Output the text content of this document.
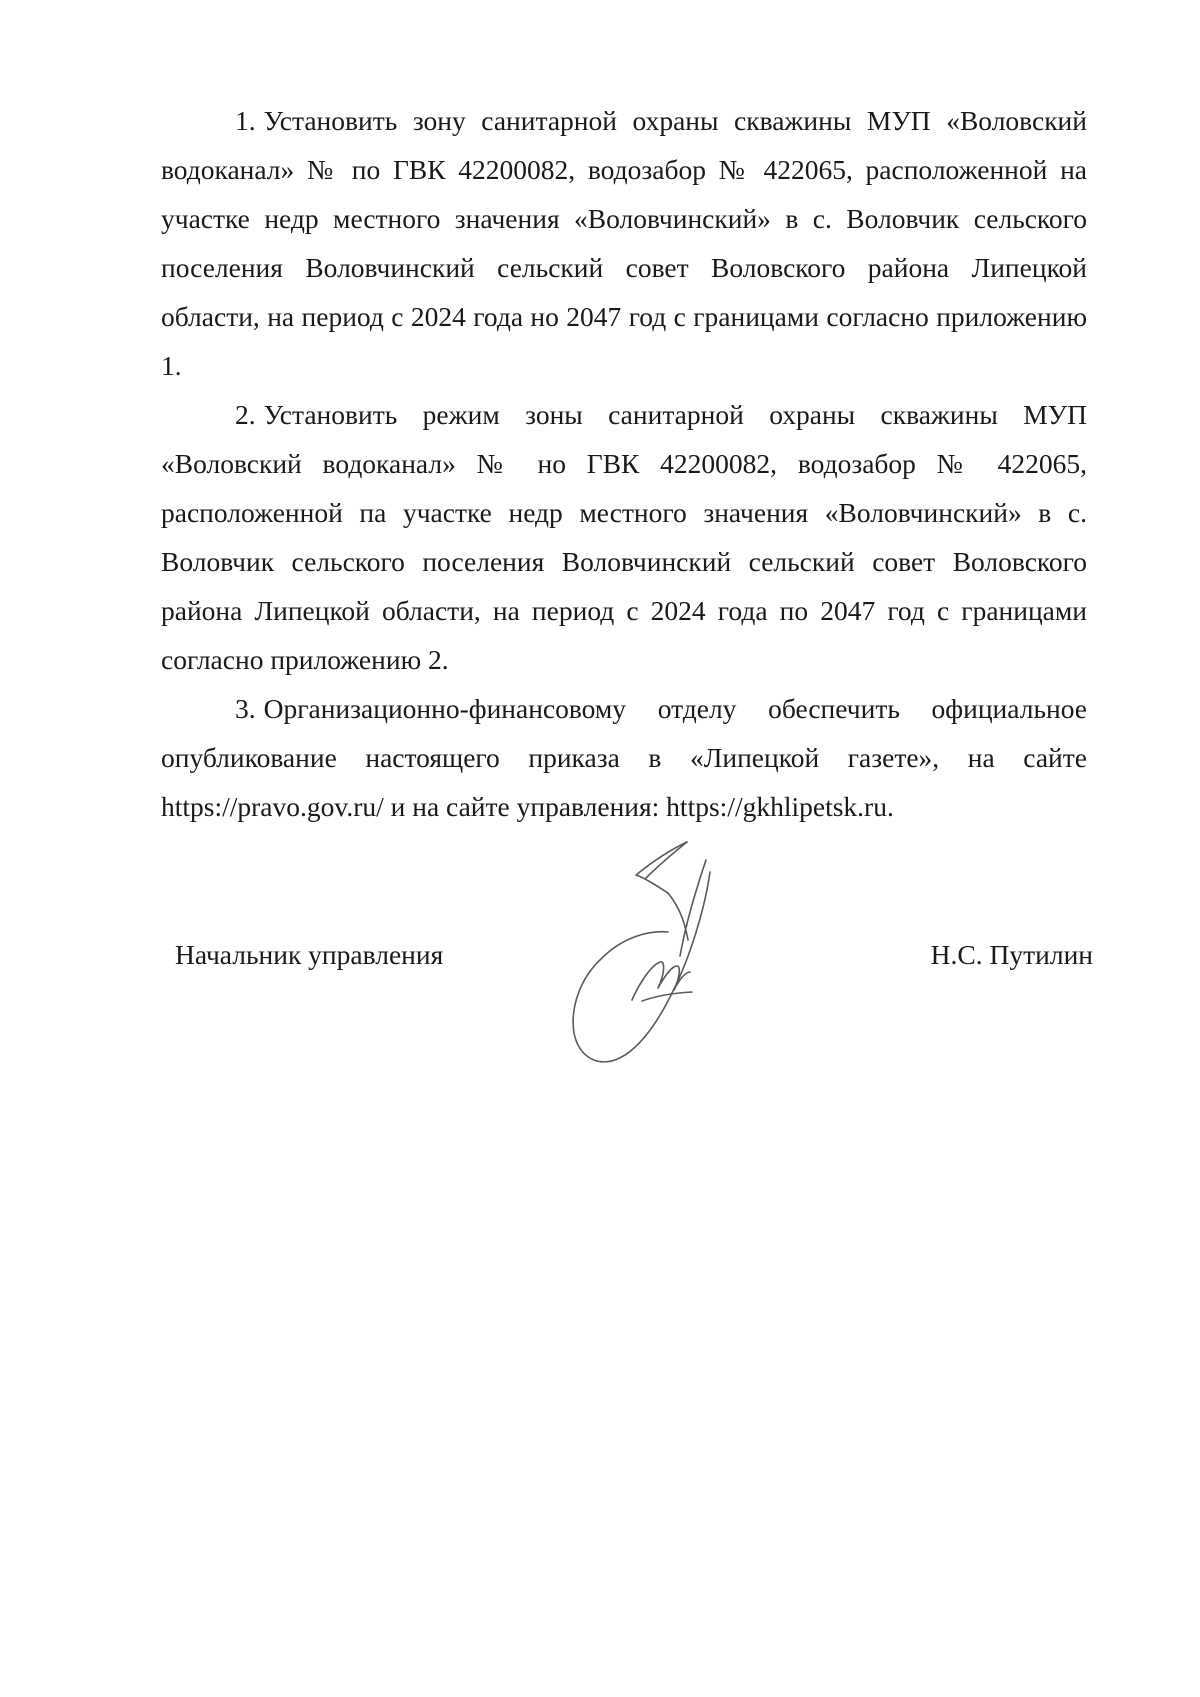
1. Установить зону санитарной охраны скважины МУП «Воловский водоканал» № по ГВК 42200082, водозабор № 422065, расположенной на участке недр местного значения «Воловчинский» в с. Воловчик сельского поселения Воловчинский сельский совет Воловского района Липецкой области, на период с 2024 года но 2047 год с границами согласно приложению 1.

2. Установить режим зоны санитарной охраны скважины МУП «Воловский водоканал» № но ГВК 42200082, водозабор № 422065, расположенной па участке недр местного значения «Воловчинский» в с. Воловчик сельского поселения Воловчинский сельский совет Воловского района Липецкой области, на период с 2024 года по 2047 год с границами согласно приложению 2.

3. Организационно-финансовому отделу обеспечить официальное опубликование настоящего приказа в «Липецкой газете», на сайте https://pravo.gov.ru/ и на сайте управления: https://gkhlipetsk.ru.

Начальник управления	Н.С. Путилин
